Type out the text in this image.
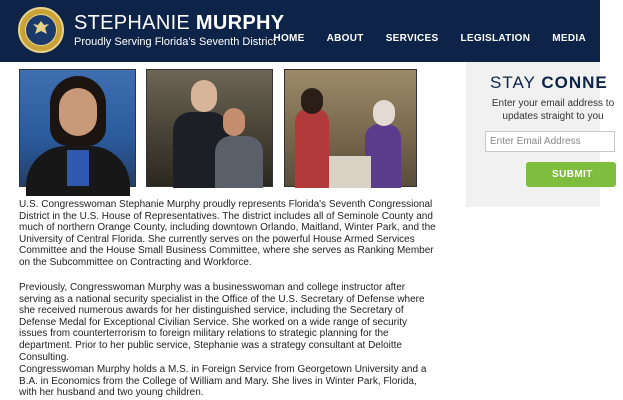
STEPHANIE MURPHY
Proudly Serving Florida's Seventh District
HOME ABOUT SERVICES LEGISLATION MEDIA
U.S. Congresswoman Stephanie Murphy proudly represents Florida's Seventh Congressional District in the U.S. House of Representatives. The district includes all of Seminole County and much of northern Orange County, including downtown Orlando, Maitland, Winter Park, and the University of Central Florida. She currently serves on the powerful House Armed Services Committee and the House Small Business Committee, where she serves as Ranking Member on the Subcommittee on Contracting and Workforce.
Previously, Congresswoman Murphy was a businesswoman and college instructor after serving as a national security specialist in the Office of the U.S. Secretary of Defense where she received numerous awards for her distinguished service, including the Secretary of Defense Medal for Exceptional Civilian Service. She worked on a wide range of security issues from counterterrorism to foreign military relations to strategic planning for the department. Prior to her public service, Stephanie was a strategy consultant at Deloitte Consulting.
Congresswoman Murphy holds a M.S. in Foreign Service from Georgetown University and a B.A. in Economics from the College of William and Mary. She lives in Winter Park, Florida, with her husband and two young children.
STAY CONNE
Enter your email address to
updates straight to you
Enter Email Address
SUBMIT
